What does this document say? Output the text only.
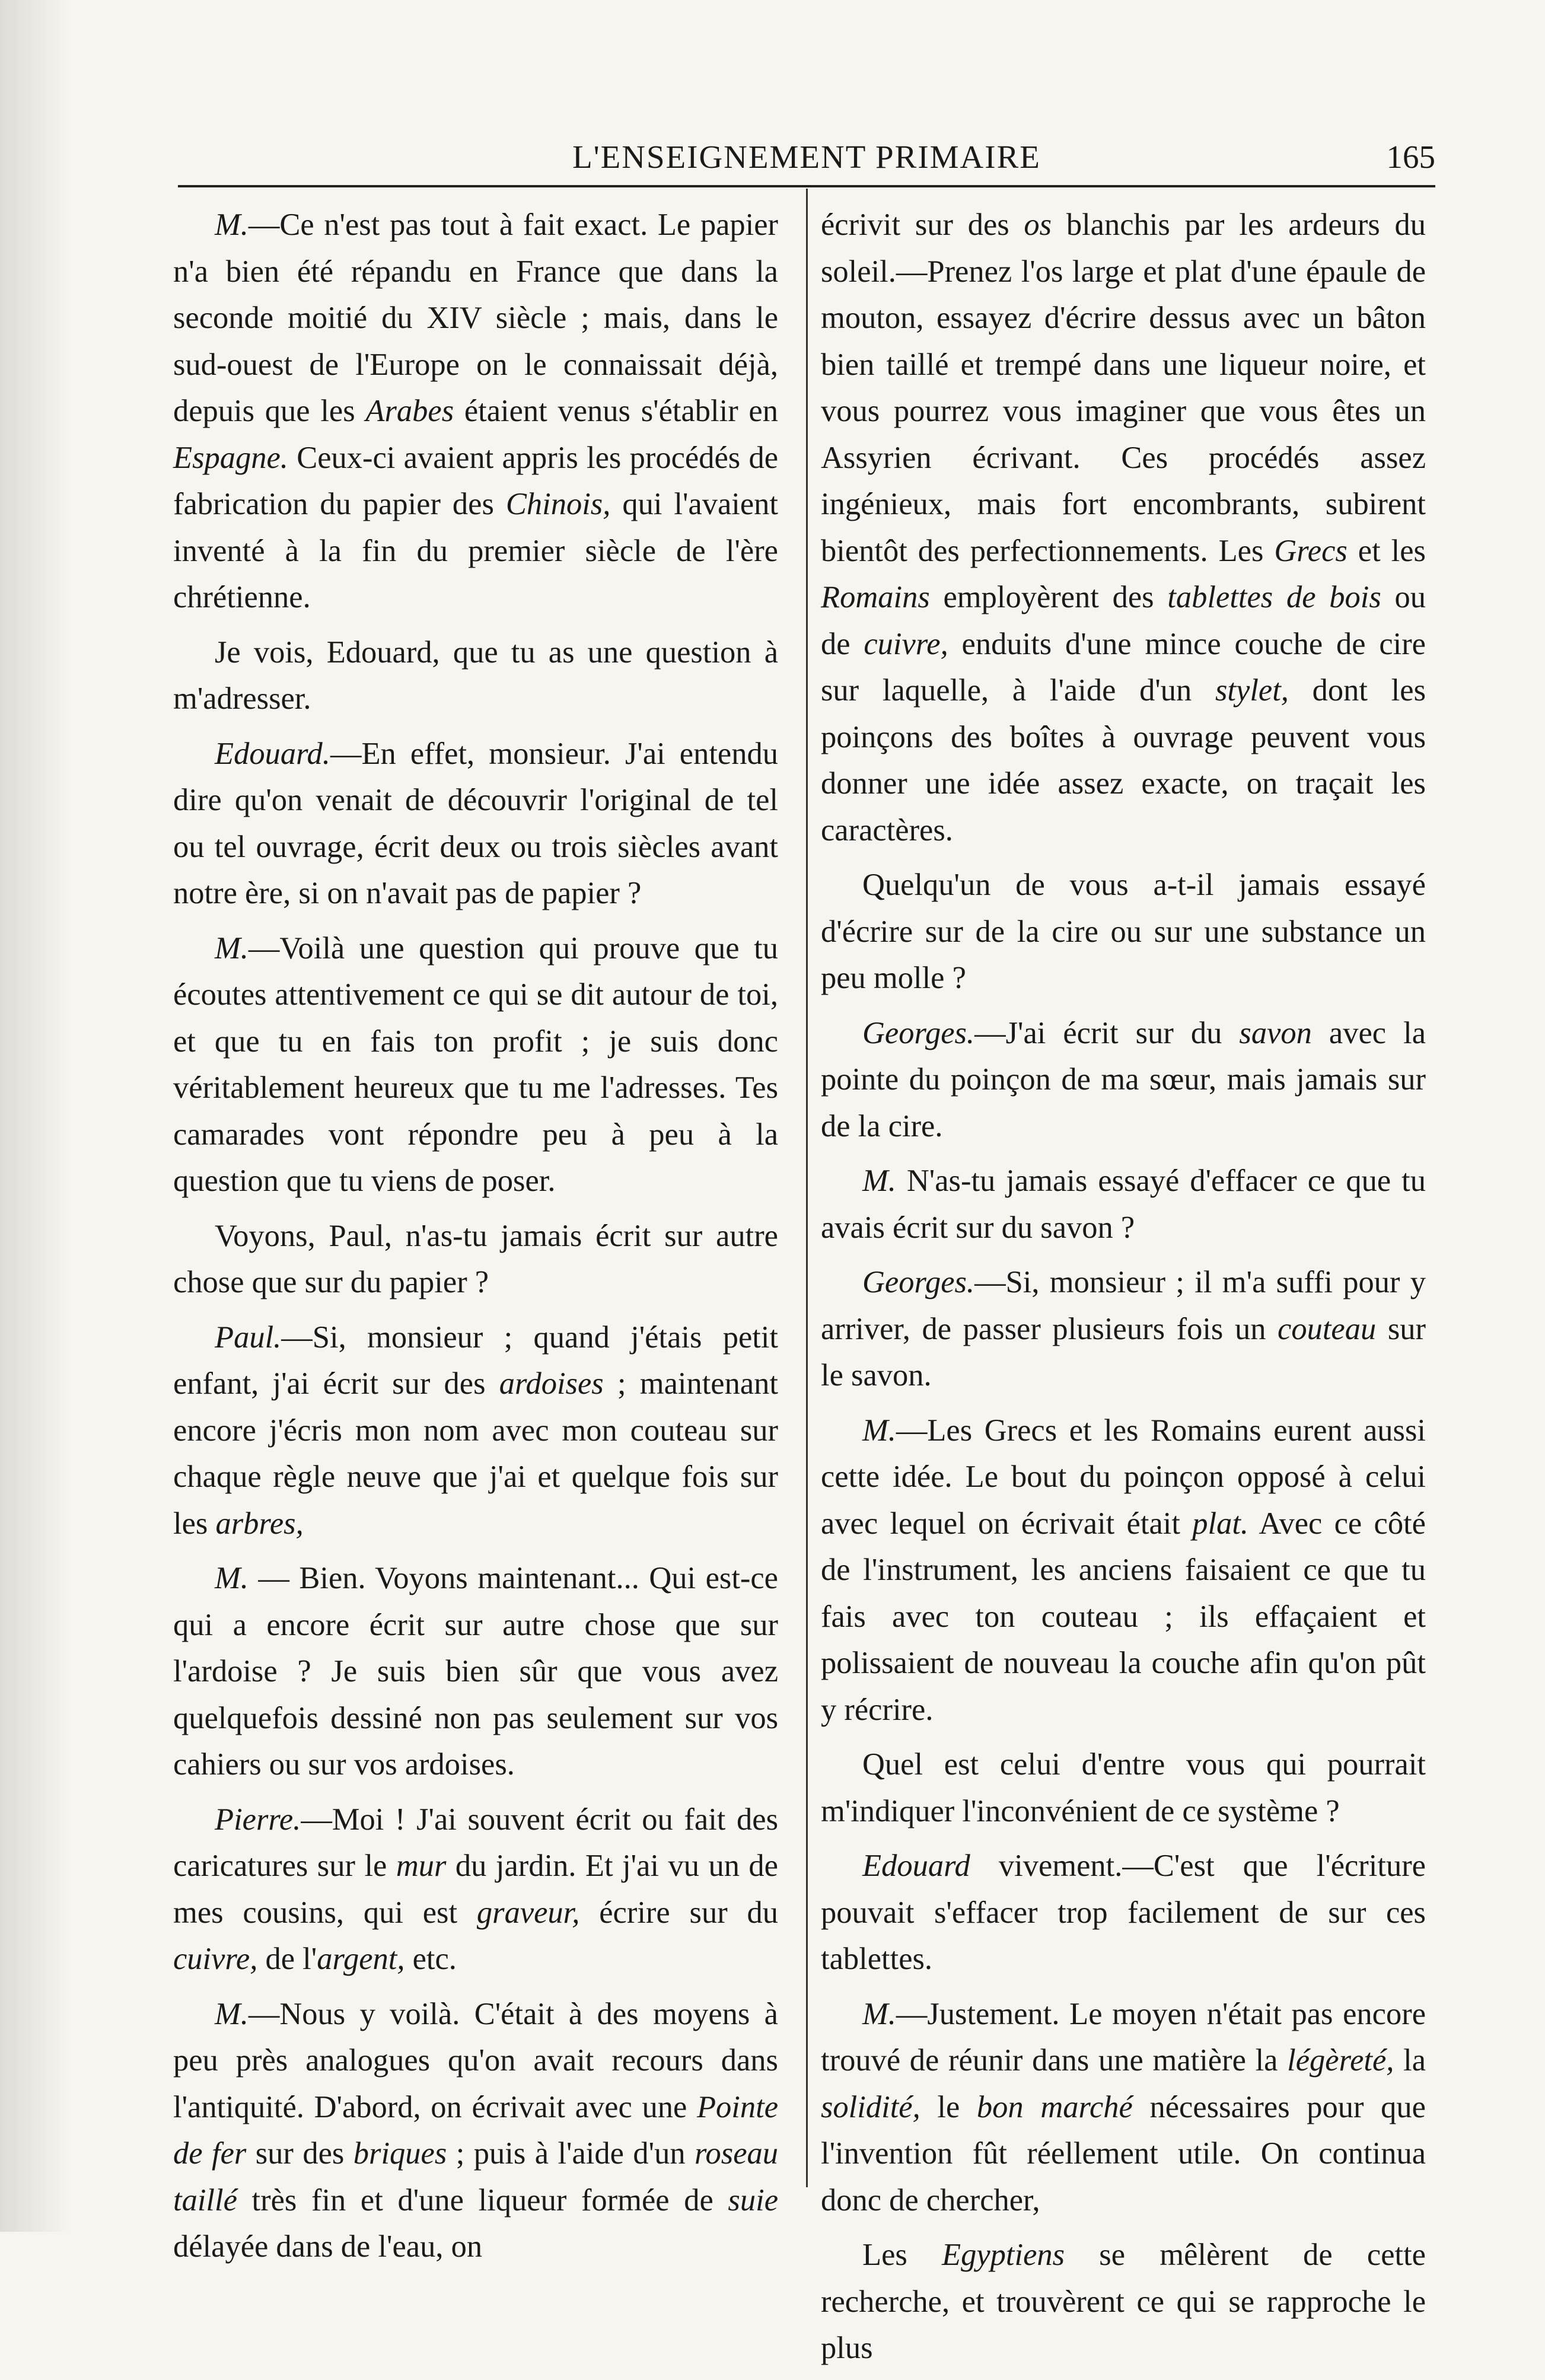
L'ENSEIGNEMENT PRIMAIRE	165

M.—Ce n'est pas tout à fait exact. Le papier n'a bien été répandu en France que dans la seconde moitié du XIV siècle ; mais, dans le sud-ouest de l'Europe on le connaissait déjà, depuis que les Arabes étaient venus s'établir en Espagne. Ceux-ci avaient appris les procédés de fabrication du papier des Chinois, qui l'avaient inventé à la fin du premier siècle de l'ère chrétienne.

Je vois, Edouard, que tu as une question à m'adresser.

Edouard.—En effet, monsieur. J'ai entendu dire qu'on venait de découvrir l'original de tel ou tel ouvrage, écrit deux ou trois siècles avant notre ère, si on n'avait pas de papier ?

M.—Voilà une question qui prouve que tu écoutes attentivement ce qui se dit autour de toi, et que tu en fais ton profit ; je suis donc véritablement heureux que tu me l'adresses. Tes camarades vont répondre peu à peu à la question que tu viens de poser.

Voyons, Paul, n'as-tu jamais écrit sur autre chose que sur du papier ?

Paul.—Si, monsieur ; quand j'étais petit enfant, j'ai écrit sur des ardoises ; maintenant encore j'écris mon nom avec mon couteau sur chaque règle neuve que j'ai et quelque fois sur les arbres,

M. — Bien. Voyons maintenant... Qui est-ce qui a encore écrit sur autre chose que sur l'ardoise ? Je suis bien sûr que vous avez quelquefois dessiné non pas seulement sur vos cahiers ou sur vos ardoises.

Pierre.—Moi ! J'ai souvent écrit ou fait des caricatures sur le mur du jardin. Et j'ai vu un de mes cousins, qui est graveur, écrire sur du cuivre, de l'argent, etc.

M.—Nous y voilà. C'était à des moyens à peu près analogues qu'on avait recours dans l'antiquité. D'abord, on écrivait avec une Pointe de fer sur des briques ; puis à l'aide d'un roseau taillé très fin et d'une liqueur formée de suie délayée dans de l'eau, on

écrivit sur des os blanchis par les ardeurs du soleil.—Prenez l'os large et plat d'une épaule de mouton, essayez d'écrire dessus avec un bâton bien taillé et trempé dans une liqueur noire, et vous pourrez vous imaginer que vous êtes un Assyrien écrivant. Ces procédés assez ingénieux, mais fort encombrants, subirent bientôt des perfectionnements. Les Grecs et les Romains employèrent des tablettes de bois ou de cuivre, enduits d'une mince couche de cire sur laquelle, à l'aide d'un stylet, dont les poinçons des boîtes à ouvrage peuvent vous donner une idée assez exacte, on traçait les caractères.

Quelqu'un de vous a-t-il jamais essayé d'écrire sur de la cire ou sur une substance un peu molle ?

Georges.—J'ai écrit sur du savon avec la pointe du poinçon de ma sœur, mais jamais sur de la cire.

M. N'as-tu jamais essayé d'effacer ce que tu avais écrit sur du savon ?

Georges.—Si, monsieur ; il m'a suffi pour y arriver, de passer plusieurs fois un couteau sur le savon.

M.—Les Grecs et les Romains eurent aussi cette idée. Le bout du poinçon opposé à celui avec lequel on écrivait était plat. Avec ce côté de l'instrument, les anciens faisaient ce que tu fais avec ton couteau ; ils effaçaient et polissaient de nouveau la couche afin qu'on pût y récrire.

Quel est celui d'entre vous qui pourrait m'indiquer l'inconvénient de ce système ?

Edouard vivement.—C'est que l'écriture pouvait s'effacer trop facilement de sur ces tablettes.

M.—Justement. Le moyen n'était pas encore trouvé de réunir dans une matière la légèreté, la solidité, le bon marché nécessaires pour que l'invention fût réellement utile. On continua donc de chercher,

Les Egyptiens se mêlèrent de cette recherche, et trouvèrent ce qui se rapproche le plus
